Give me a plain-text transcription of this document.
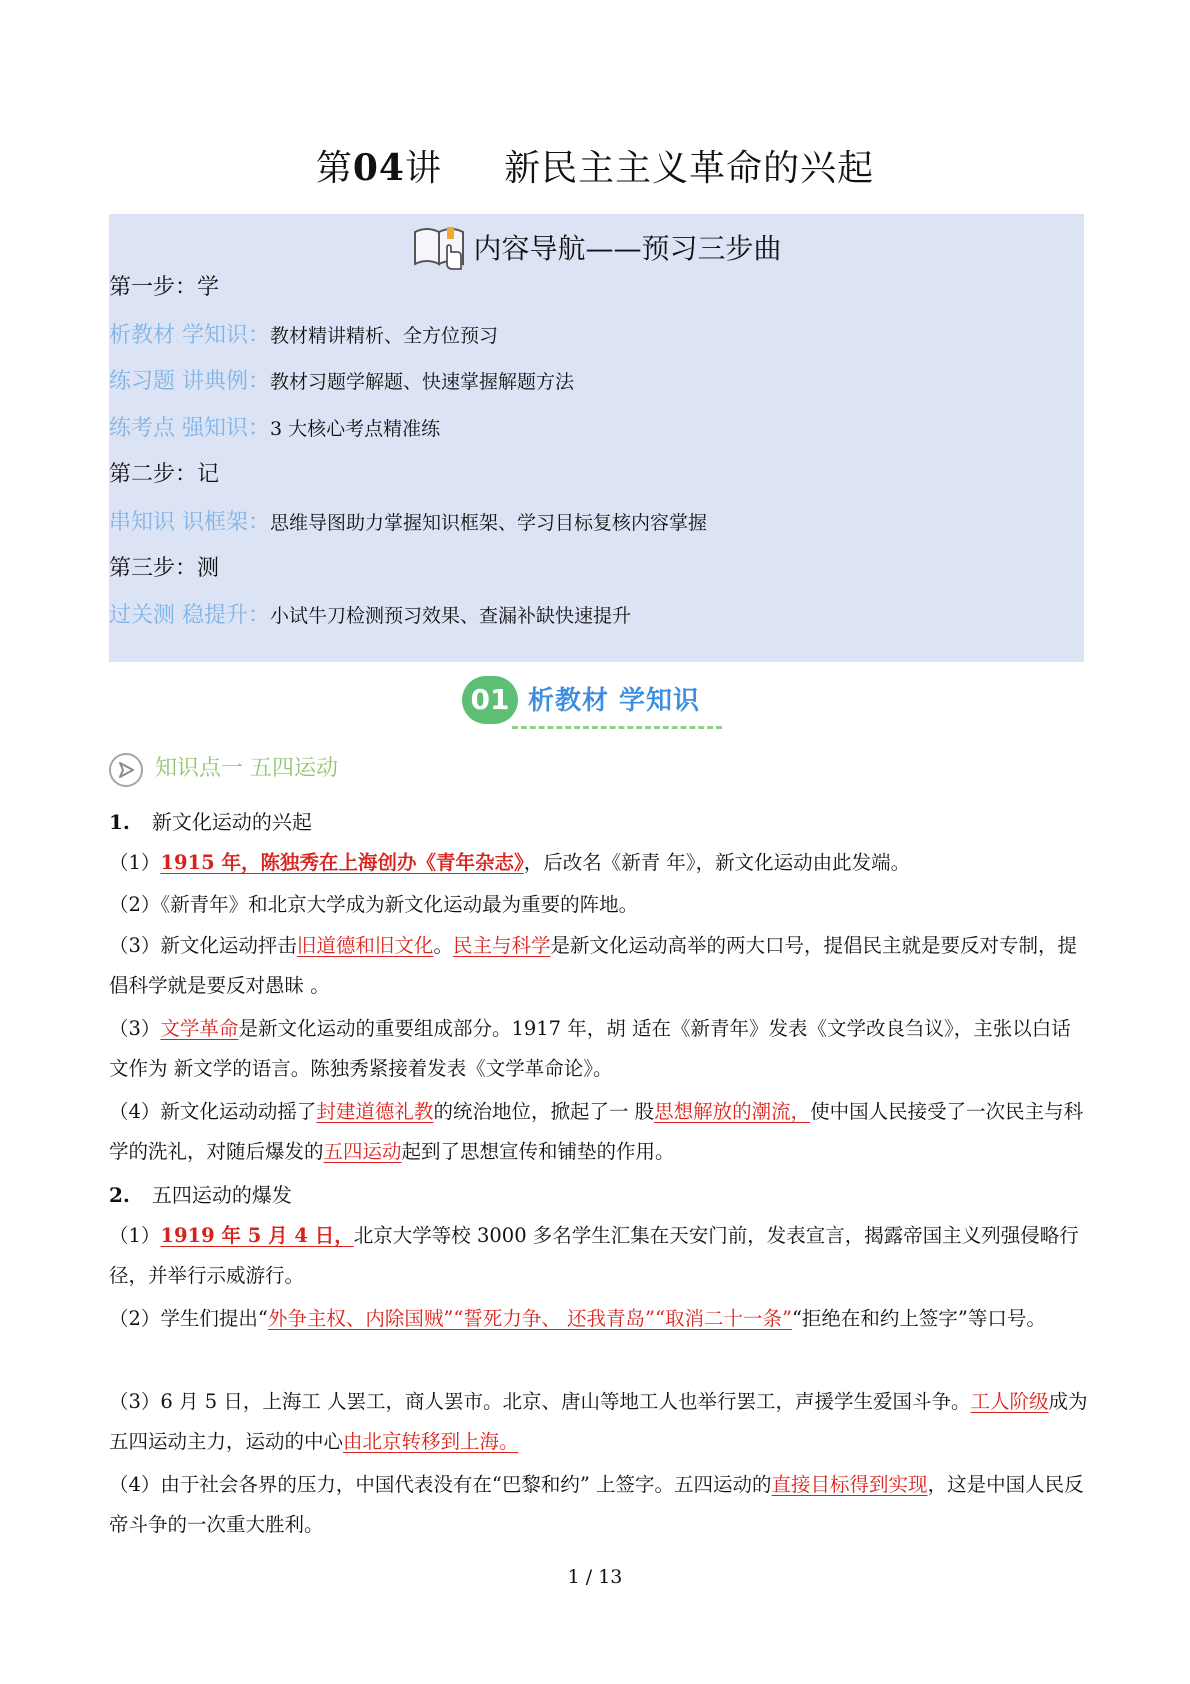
第04讲 新民主主义革命的兴起
内容导航——预习三步曲
第一步：学
析教材 学知识：教材精讲精析、全方位预习
练习题 讲典例：教材习题学解题、快速掌握解题方法
练考点 强知识：3 大核心考点精准练
第二步：记
串知识 识框架：思维导图助力掌握知识框架、学习目标复核内容掌握
第三步：测
过关测 稳提升：小试牛刀检测预习效果、查漏补缺快速提升
01 析教材 学知识
知识点一 五四运动
1. 新文化运动的兴起
（1）1915 年，陈独秀在上海创办《青年杂志》，后改名《新青 年》，新文化运动由此发端。
（2）《新青年》和北京大学成为新文化运动最为重要的阵地。
（3）新文化运动抨击旧道德和旧文化。民主与科学是新文化运动高举的两大口号，提倡民主就是要反对专制，提倡科学就是要反对愚昧 。
（3）文学革命是新文化运动的重要组成部分。1917 年，胡 适在《新青年》发表《文学改良刍议》，主张以白话文作为 新文学的语言。陈独秀紧接着发表《文学革命论》。
（4）新文化运动动摇了封建道德礼教的统治地位，掀起了一 股思想解放的潮流，使中国人民接受了一次民主与科学的洗礼，对随后爆发的五四运动起到了思想宣传和铺垫的作用。
2. 五四运动的爆发
（1）1919 年 5 月 4 日，北京大学等校 3000 多名学生汇集在天安门前，发表宣言，揭露帝国主义列强侵略行径，并举行示威游行。
（2）学生们提出“外争主权、内除国贼”“誓死力争、 还我青岛”“取消二十一条”“拒绝在和约上签字”等口号。
（3）6 月 5 日，上海工 人罢工，商人罢市。北京、唐山等地工人也举行罢工，声援学生爱国斗争。工人阶级成为五四运动主力，运动的中心由北京转移到上海。
（4）由于社会各界的压力，中国代表没有在“巴黎和约” 上签字。五四运动的直接目标得到实现，这是中国人民反帝斗争的一次重大胜利。
1 / 13
